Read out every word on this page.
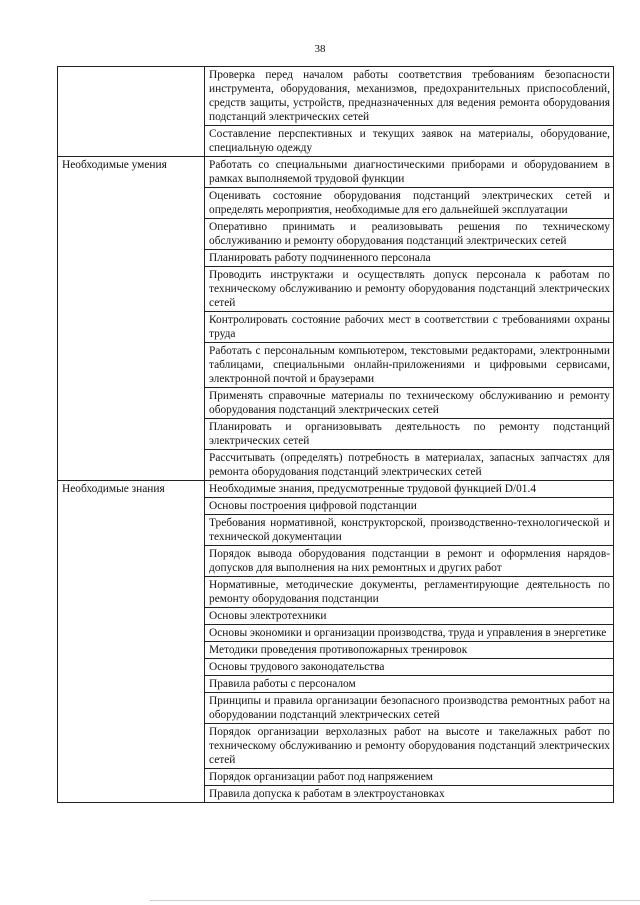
38
	Проверка перед началом работы соответствия требованиям безопасности инструмента, оборудования, механизмов, предохранительных приспособлений, средств защиты, устройств, предназначенных для ведения ремонта оборудования подстанций электрических сетей
	Составление перспективных и текущих заявок на материалы, оборудование, специальную одежду
Необходимые умения	Работать со специальными диагностическими приборами и оборудованием в рамках выполняемой трудовой функции
	Оценивать состояние оборудования подстанций электрических сетей и определять мероприятия, необходимые для его дальнейшей эксплуатации
	Оперативно принимать и реализовывать решения по техническому обслуживанию и ремонту оборудования подстанций электрических сетей
	Планировать работу подчиненного персонала
	Проводить инструктажи и осуществлять допуск персонала к работам по техническому обслуживанию и ремонту оборудования подстанций электрических сетей
	Контролировать состояние рабочих мест в соответствии с требованиями охраны труда
	Работать с персональным компьютером, текстовыми редакторами, электронными таблицами, специальными онлайн-приложениями и цифровыми сервисами, электронной почтой и браузерами
	Применять справочные материалы по техническому обслуживанию и ремонту оборудования подстанций электрических сетей
	Планировать и организовывать деятельность по ремонту подстанций электрических сетей
	Рассчитывать (определять) потребность в материалах, запасных запчастях для ремонта оборудования подстанций электрических сетей
Необходимые знания	Необходимые знания, предусмотренные трудовой функцией D/01.4
	Основы построения цифровой подстанции
	Требования нормативной, конструкторской, производственно-технологической и технической документации
	Порядок вывода оборудования подстанции в ремонт и оформления нарядов-допусков для выполнения на них ремонтных и других работ
	Нормативные, методические документы, регламентирующие деятельность по ремонту оборудования подстанции
	Основы электротехники
	Основы экономики и организации производства, труда и управления в энергетике
	Методики проведения противопожарных тренировок
	Основы трудового законодательства
	Правила работы с персоналом
	Принципы и правила организации безопасного производства ремонтных работ на оборудовании подстанций электрических сетей
	Порядок организации верхолазных работ на высоте и такелажных работ по техническому обслуживанию и ремонту оборудования подстанций электрических сетей
	Порядок организации работ под напряжением
	Правила допуска к работам в электроустановках
